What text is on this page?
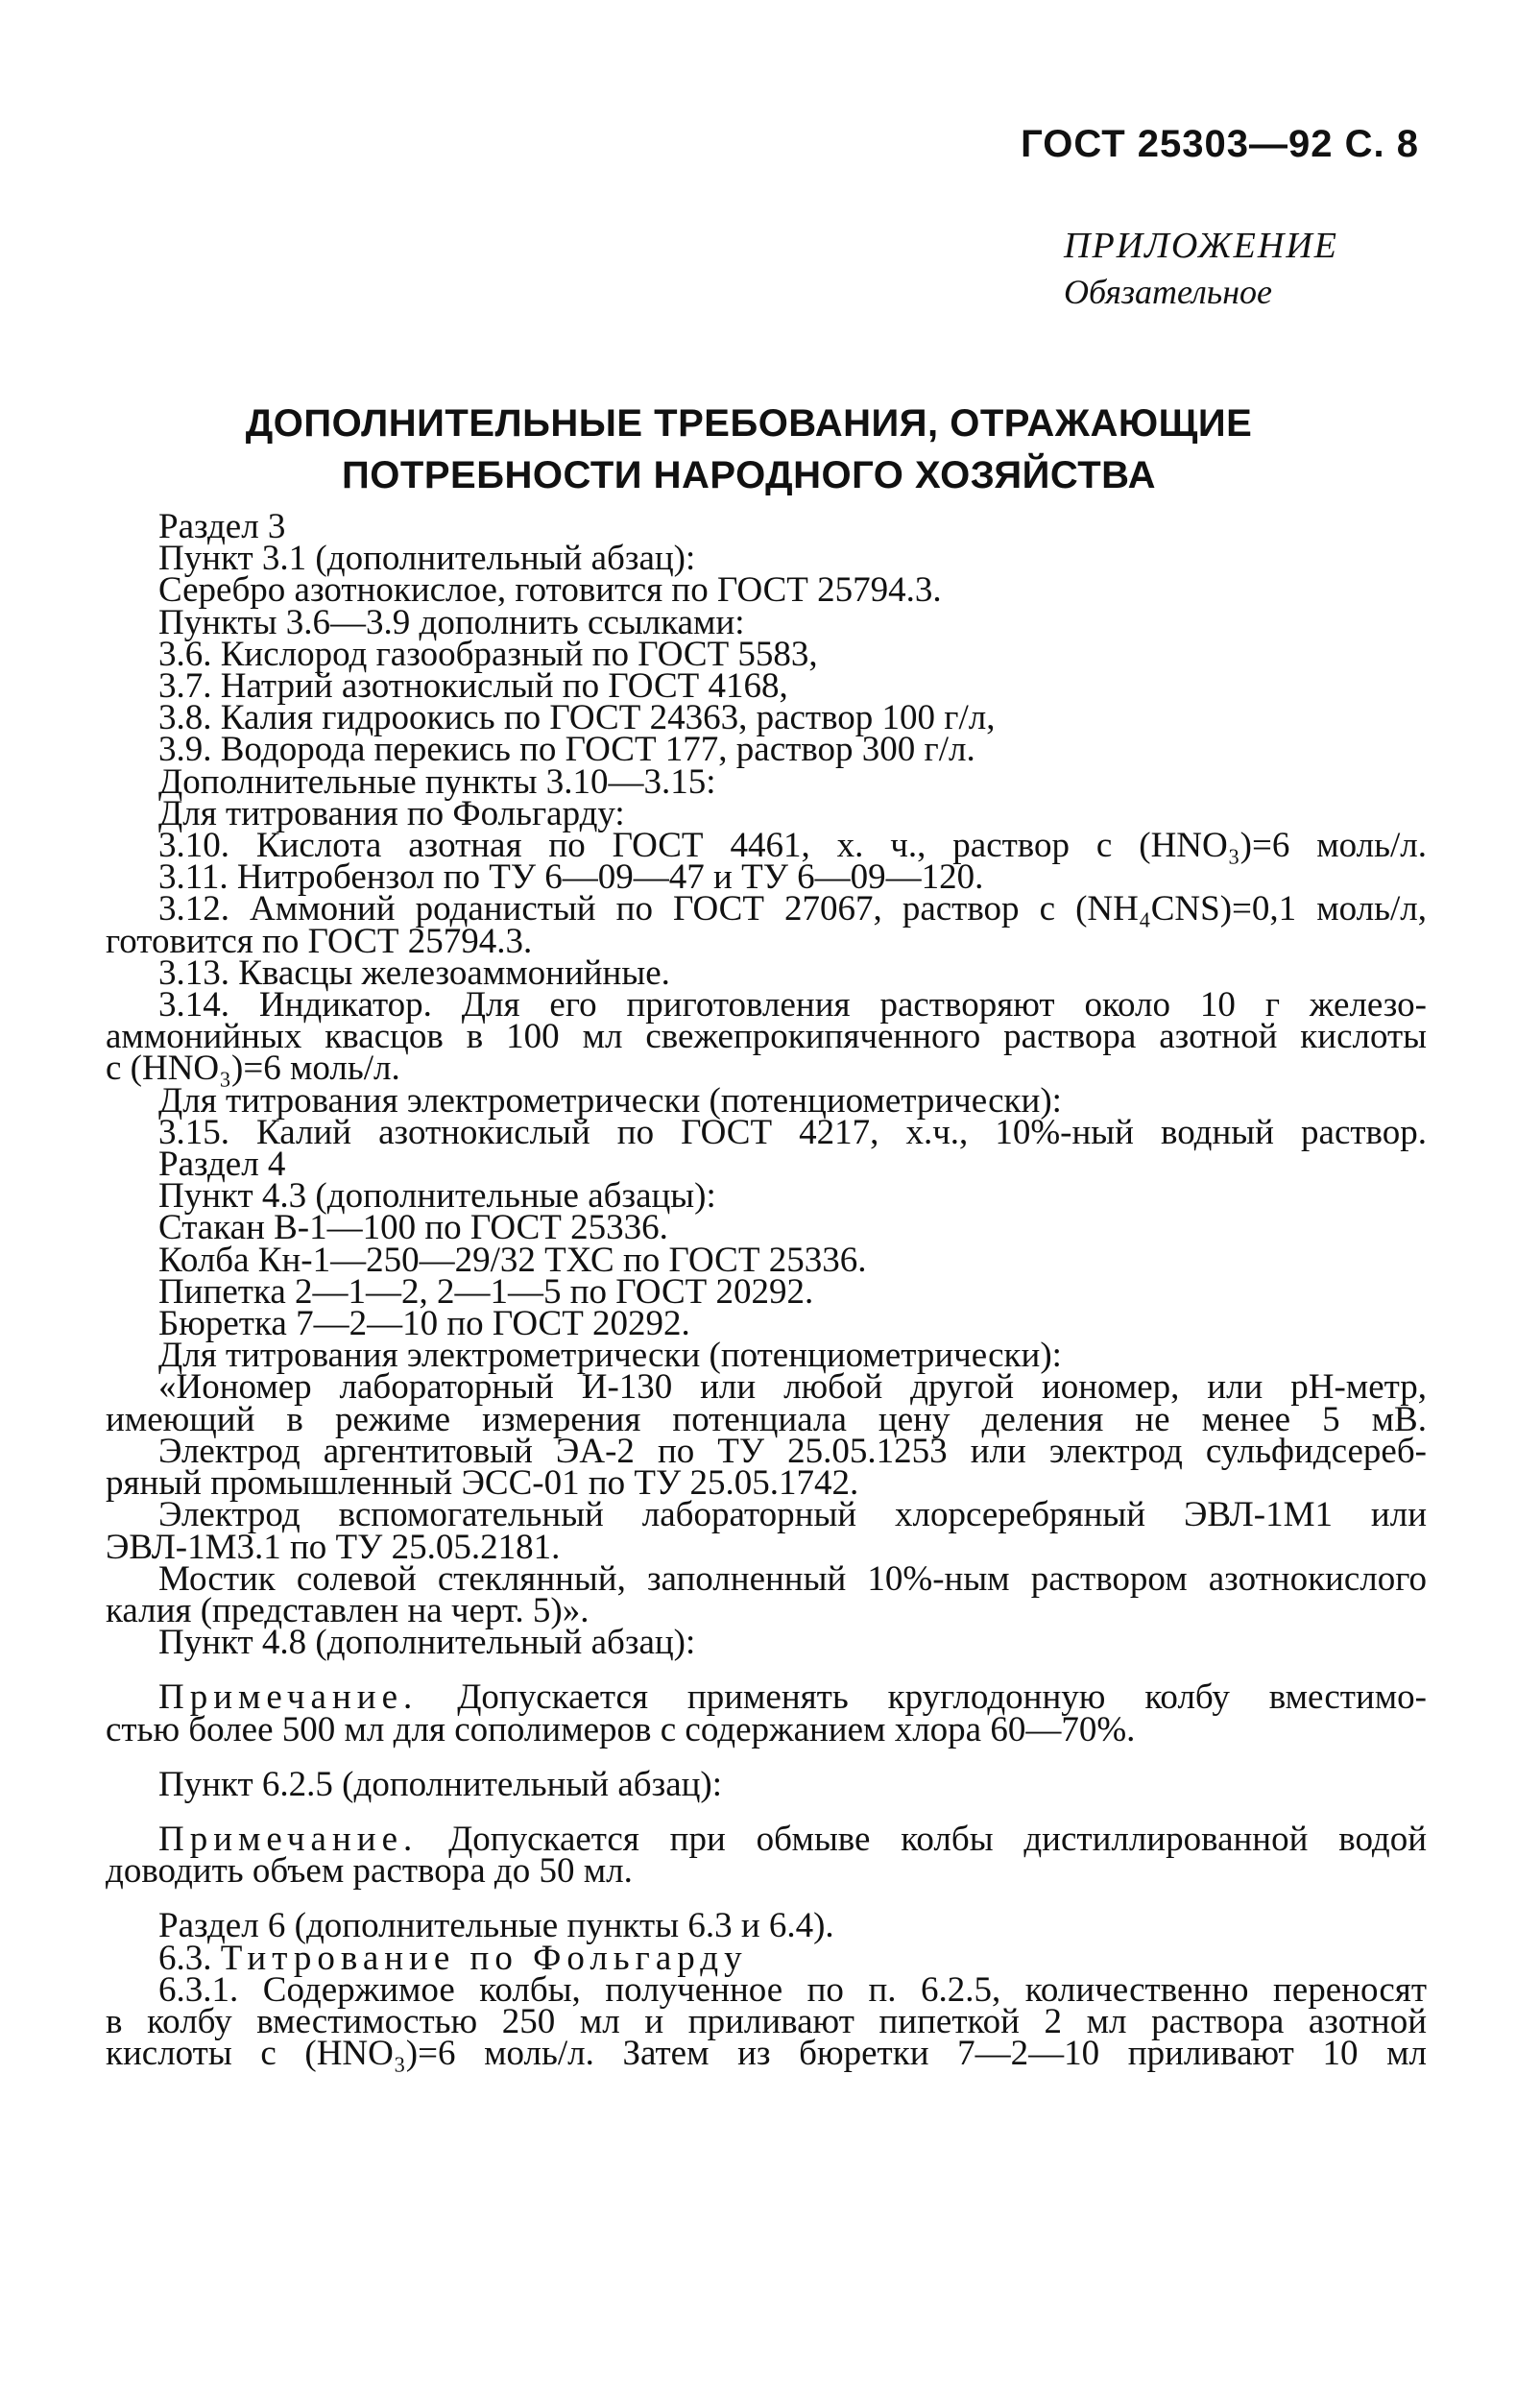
ГОСТ 25303—92 С. 8
ПРИЛОЖЕНИЕ
Обязательное
ДОПОЛНИТЕЛЬНЫЕ ТРЕБОВАНИЯ, ОТРАЖАЮЩИЕ
ПОТРЕБНОСТИ НАРОДНОГО ХОЗЯЙСТВА

Раздел 3

Пункт 3.1 (дополнительный абзац):

Серебро азотнокислое, готовится по ГОСТ 25794.3.

Пункты 3.6—3.9 дополнить ссылками:

3.6. Кислород газообразный по ГОСТ 5583,

3.7. Натрий азотнокислый по ГОСТ 4168,

3.8. Калия гидроокись по ГОСТ 24363, раствор 100 г/л,

3.9. Водорода перекись по ГОСТ 177, раствор 300 г/л.

Дополнительные пункты 3.10—3.15:

Для титрования по Фольгарду:

3.10. Кислота азотная по ГОСТ 4461, х. ч., раствор с (HNO₃)=6 моль/л.

3.11. Нитробензол по ТУ 6—09—47 и ТУ 6—09—120.

3.12. Аммоний роданистый по ГОСТ 27067, раствор с (NH₄CNS)=0,1 моль/л,

готовится по ГОСТ 25794.3.

3.13. Квасцы железоаммонийные.

3.14. Индикатор. Для его приготовления растворяют около 10 г железо-

аммонийных квасцов в 100 мл свежепрокипяченного раствора азотной кислоты

с (HNO₃)=6 моль/л.

Для титрования электрометрически (потенциометрически):

3.15. Калий азотнокислый по ГОСТ 4217, х.ч., 10%-ный водный раствор.

Раздел 4

Пункт 4.3 (дополнительные абзацы):

Стакан В-1—100 по ГОСТ 25336.

Колба Кн-1—250—29/32 ТХС по ГОСТ 25336.

Пипетка 2—1—2, 2—1—5 по ГОСТ 20292.

Бюретка 7—2—10 по ГОСТ 20292.

Для титрования электрометрически (потенциометрически):

«Иономер лабораторный И-130 или любой другой иономер, или рН-метр,

имеющий в режиме измерения потенциала цену деления не менее 5 мВ.

Электрод аргентитовый ЭА-2 по ТУ 25.05.1253 или электрод сульфидсереб-

ряный промышленный ЭСС-01 по ТУ 25.05.1742.

Электрод вспомогательный лабораторный хлорсеребряный ЭВЛ-1М1 или

ЭВЛ-1М3.1 по ТУ 25.05.2181.

Мостик солевой стеклянный, заполненный 10%-ным раствором азотнокислого

калия (представлен на черт. 5)».

Пункт 4.8 (дополнительный абзац):

Примечание. Допускается применять круглодонную колбу вместимо-

стью более 500 мл для сополимеров с содержанием хлора 60—70%.

Пункт 6.2.5 (дополнительный абзац):

Примечание. Допускается при обмыве колбы дистиллированной водой

доводить объем раствора до 50 мл.

Раздел 6 (дополнительные пункты 6.3 и 6.4).

6.3. Титрование по Фольгарду

6.3.1. Содержимое колбы, полученное по п. 6.2.5, количественно переносят

в колбу вместимостью 250 мл и приливают пипеткой 2 мл раствора азотной

кислоты с (HNO₃)=6 моль/л. Затем из бюретки 7—2—10 приливают 10 мл
